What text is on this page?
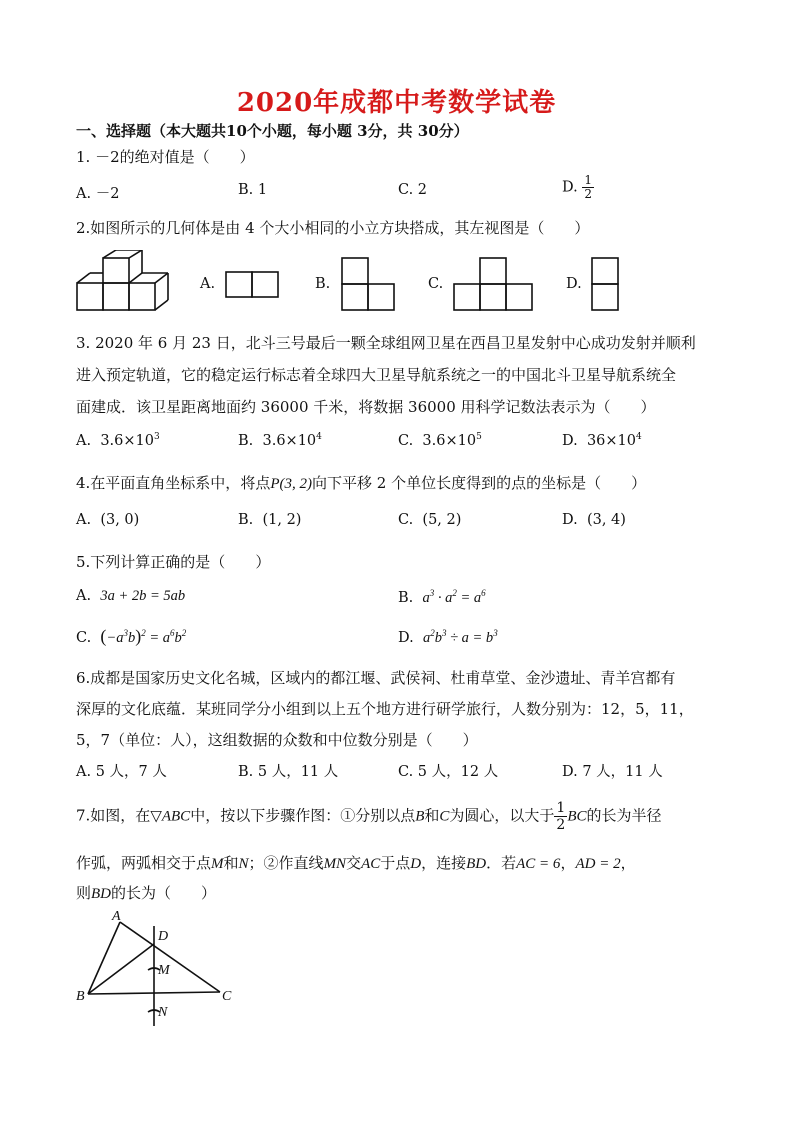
2020年成都中考数学试卷
一、选择题（本大题共10个小题，每小题 3分，共 30分）
1. －2的绝对值是（　　）
A. －2	B. 1	C. 2	D. $\frac{1}{2}$
2.如图所示的几何体是由 4 个大小相同的小立方块搭成，其左视图是（　　）
A.	B.	C.	D.
3. 2020 年 6 月 23 日，北斗三号最后一颗全球组网卫星在西昌卫星发射中心成功发射并顺利
进入预定轨道，它的稳定运行标志着全球四大卫星导航系统之一的中国北斗卫星导航系统全
面建成．该卫星距离地面约 36000 千米，将数据 36000 用科学记数法表示为（　　）
A. $3.6\times 10^3$	B. $3.6\times 10^4$	C. $3.6\times 10^5$	D. $36\times 10^4$
4.在平面直角坐标系中，将点P(3, 2)向下平移 2 个单位长度得到的点的坐标是（　　）
A. (3, 0)	B. (1, 2)	C. (5, 2)	D. (3, 4)
5.下列计算正确的是（　　）
A. 3a + 2b = 5ab	B. $a^3 \cdot a^2 = a^6$
C. $(-a^3b)^2 = a^6b^2$	D. $a^2b^3 \div a = b^3$
6.成都是国家历史文化名城，区域内的都江堰、武侯祠、杜甫草堂、金沙遗址、青羊宫都有
深厚的文化底蕴．某班同学分小组到以上五个地方进行研学旅行，人数分别为：12，5，11，
5，7（单位：人），这组数据的众数和中位数分别是（　　）
A. 5 人，7 人	B. 5 人，11 人	C. 5 人，12 人	D. 7 人，11 人
7.如图，在▽ABC中，按以下步骤作图：①分别以点B和C为圆心，以大于 $\frac{1}{2}$ BC的长为半径
作弧，两弧相交于点M和N；②作直线MN交AC于点D，连接BD．若AC = 6，AD = 2，
则BD的长为（　　）
A
B	C
D
M
N
